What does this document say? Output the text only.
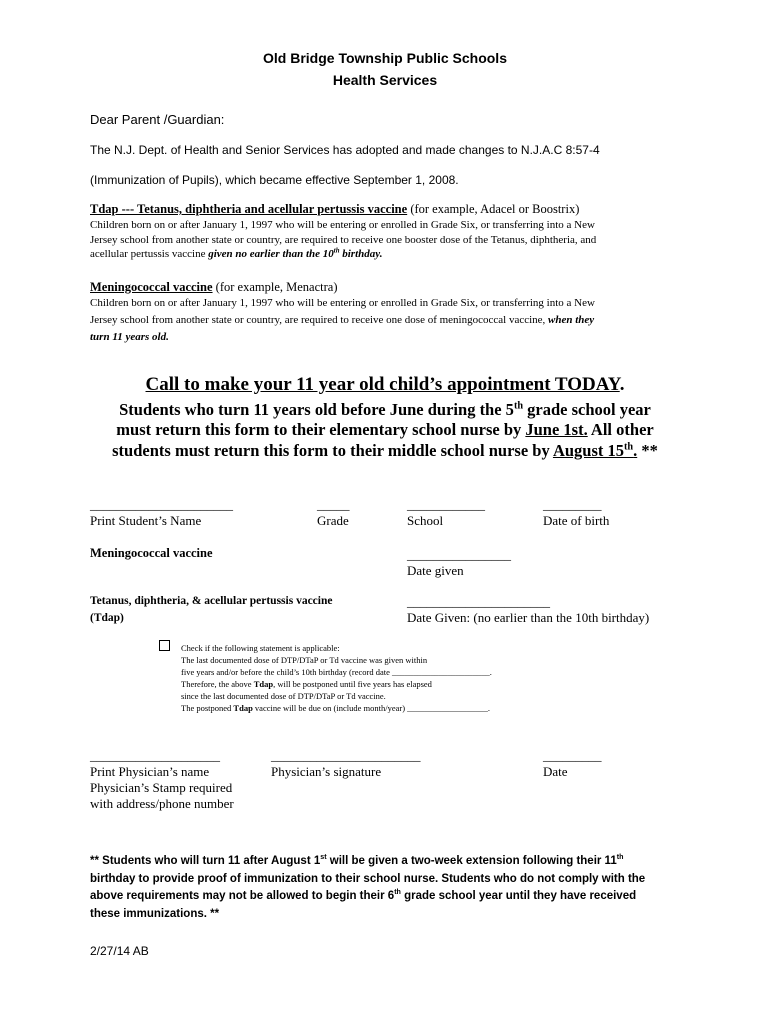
Old Bridge Township Public Schools
Health Services
Dear Parent /Guardian:
The N.J. Dept. of Health and Senior Services has adopted and made changes to N.J.A.C 8:57-4
(Immunization of Pupils), which became effective September 1, 2008.
Tdap --- Tetanus, diphtheria and acellular pertussis vaccine (for example, Adacel or Boostrix)
Children born on or after January 1, 1997 who will be entering or enrolled in Grade Six, or transferring into a New
Jersey school from another state or country, are required to receive one booster dose of the Tetanus, diphtheria, and
acellular pertussis vaccine given no earlier than the 10th birthday.
Meningococcal vaccine (for example, Menactra)
Children born on or after January 1, 1997 who will be entering or enrolled in Grade Six, or transferring into a New
Jersey school from another state or country, are required to receive one dose of meningococcal vaccine, when they
turn 11 years old.
Call to make your 11 year old child’s appointment TODAY.
Students who turn 11 years old before June during the 5th grade school year
must return this form to their elementary school nurse by June 1st. All other
students must return this form to their middle school nurse by August 15th. **
______________________
Print Student’s Name
_____
Grade
____________
School
_________
Date of birth
Meningococcal vaccine	________________
Date given
Tetanus, diphtheria, & acellular pertussis vaccine
(Tdap)
______________________
Date Given: (no earlier than the 10th birthday)
Check if the following statement is applicable:
The last documented dose of DTP/DTaP or Td vaccine was given within
five years and/or before the child’s 10th birthday (record date _______________________.
Therefore, the above Tdap, will be postponed until five years has elapsed
since the last documented dose of DTP/DTaP or Td vaccine.
The postponed Tdap vaccine will be due on (include month/year) ___________________.
____________________
Print Physician’s name
Physician’s Stamp required
with address/phone number
_______________________
Physician’s signature
_________
Date
** Students who will turn 11 after August 1st will be given a two-week extension following their 11th
birthday to provide proof of immunization to their school nurse. Students who do not comply with the
above requirements may not be allowed to begin their 6th grade school year until they have received
these immunizations. **
2/27/14 AB
